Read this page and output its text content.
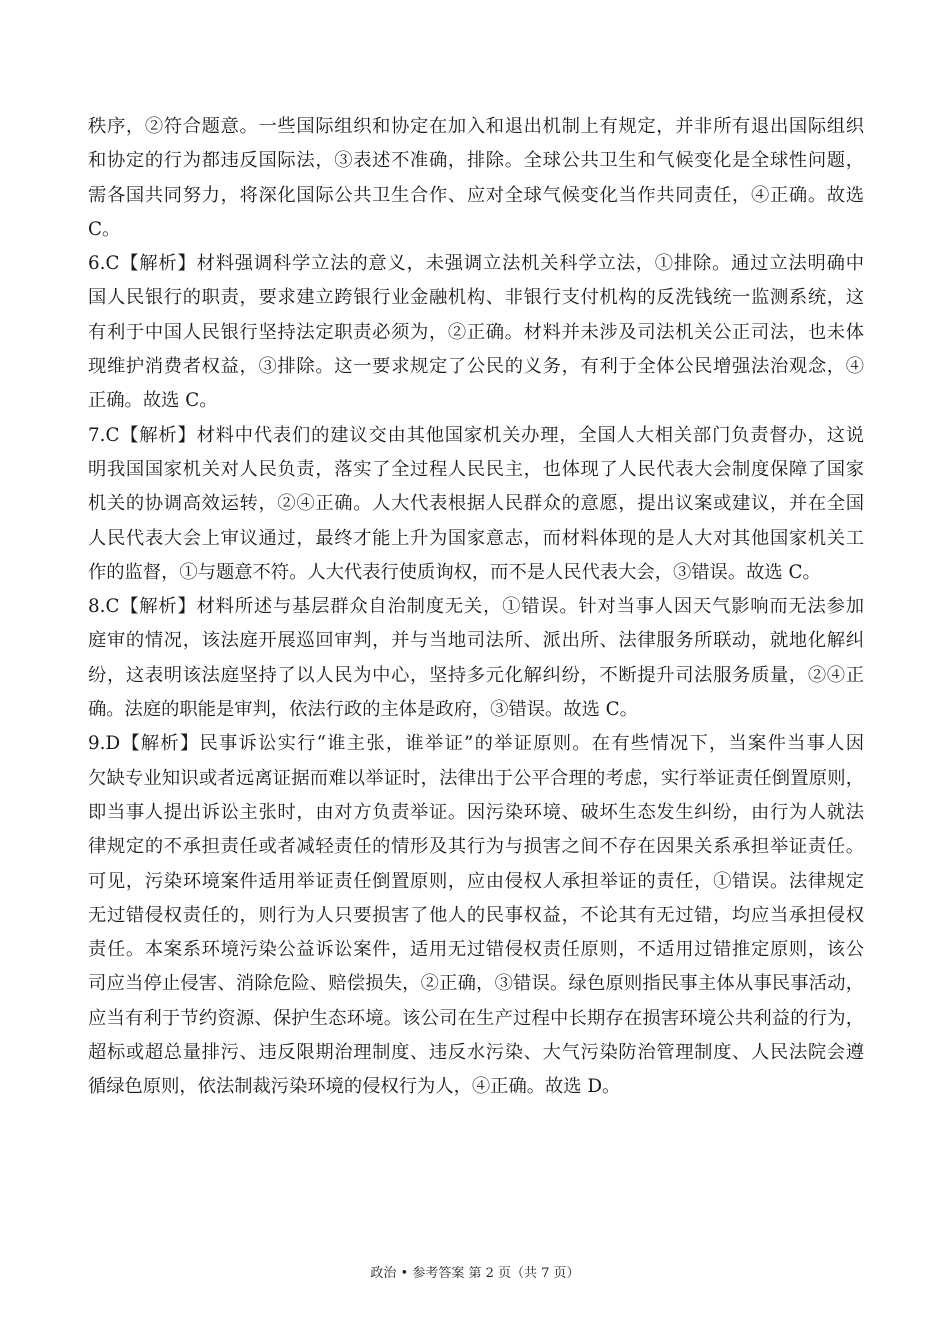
秩序，②符合题意。一些国际组织和协定在加入和退出机制上有规定，并非所有退出国际组织
和协定的行为都违反国际法，③表述不准确，排除。全球公共卫生和气候变化是全球性问题，
需各国共同努力，将深化国际公共卫生合作、应对全球气候变化当作共同责任，④正确。故选
C。
6.C【解析】材料强调科学立法的意义，未强调立法机关科学立法，①排除。通过立法明确中
国人民银行的职责，要求建立跨银行业金融机构、非银行支付机构的反洗钱统一监测系统，这
有利于中国人民银行坚持法定职责必须为，②正确。材料并未涉及司法机关公正司法，也未体
现维护消费者权益，③排除。这一要求规定了公民的义务，有利于全体公民增强法治观念，④
正确。故选 C。
7.C【解析】材料中代表们的建议交由其他国家机关办理，全国人大相关部门负责督办，这说
明我国国家机关对人民负责，落实了全过程人民民主，也体现了人民代表大会制度保障了国家
机关的协调高效运转，②④正确。人大代表根据人民群众的意愿，提出议案或建议，并在全国
人民代表大会上审议通过，最终才能上升为国家意志，而材料体现的是人大对其他国家机关工
作的监督，①与题意不符。人大代表行使质询权，而不是人民代表大会，③错误。故选 C。
8.C【解析】材料所述与基层群众自治制度无关，①错误。针对当事人因天气影响而无法参加
庭审的情况，该法庭开展巡回审判，并与当地司法所、派出所、法律服务所联动，就地化解纠
纷，这表明该法庭坚持了以人民为中心，坚持多元化解纠纷，不断提升司法服务质量，②④正
确。法庭的职能是审判，依法行政的主体是政府，③错误。故选 C。
9.D【解析】民事诉讼实行“谁主张，谁举证”的举证原则。在有些情况下，当案件当事人因
欠缺专业知识或者远离证据而难以举证时，法律出于公平合理的考虑，实行举证责任倒置原则，
即当事人提出诉讼主张时，由对方负责举证。因污染环境、破坏生态发生纠纷，由行为人就法
律规定的不承担责任或者减轻责任的情形及其行为与损害之间不存在因果关系承担举证责任。
可见，污染环境案件适用举证责任倒置原则，应由侵权人承担举证的责任，①错误。法律规定
无过错侵权责任的，则行为人只要损害了他人的民事权益，不论其有无过错，均应当承担侵权
责任。本案系环境污染公益诉讼案件，适用无过错侵权责任原则，不适用过错推定原则，该公
司应当停止侵害、消除危险、赔偿损失，②正确，③错误。绿色原则指民事主体从事民事活动，
应当有利于节约资源、保护生态环境。该公司在生产过程中长期存在损害环境公共利益的行为，
超标或超总量排污、违反限期治理制度、违反水污染、大气污染防治管理制度、人民法院会遵
循绿色原则，依法制裁污染环境的侵权行为人，④正确。故选 D。
政治 • 参考答案 第 2 页（共 7 页）
